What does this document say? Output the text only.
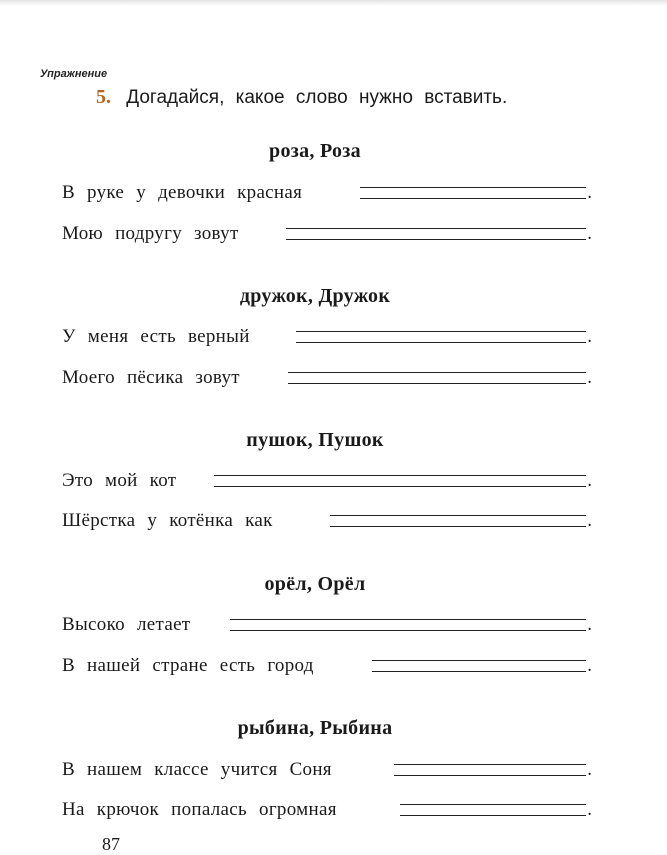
Упражнение
5. Догадайся, какое слово нужно вставить.
роза, Роза
В руке у девочки красная	.
Мою подругу зовут	.
дружок, Дружок
У меня есть верный	.
Моего пёсика зовут	.
пушок, Пушок
Это мой кот	.
Шёрстка у котёнка как	.
орёл, Орёл
Высоко летает	.
В нашей стране есть город	.
рыбина, Рыбина
В нашем классе учится Соня	.
На крючок попалась огромная	.
87
